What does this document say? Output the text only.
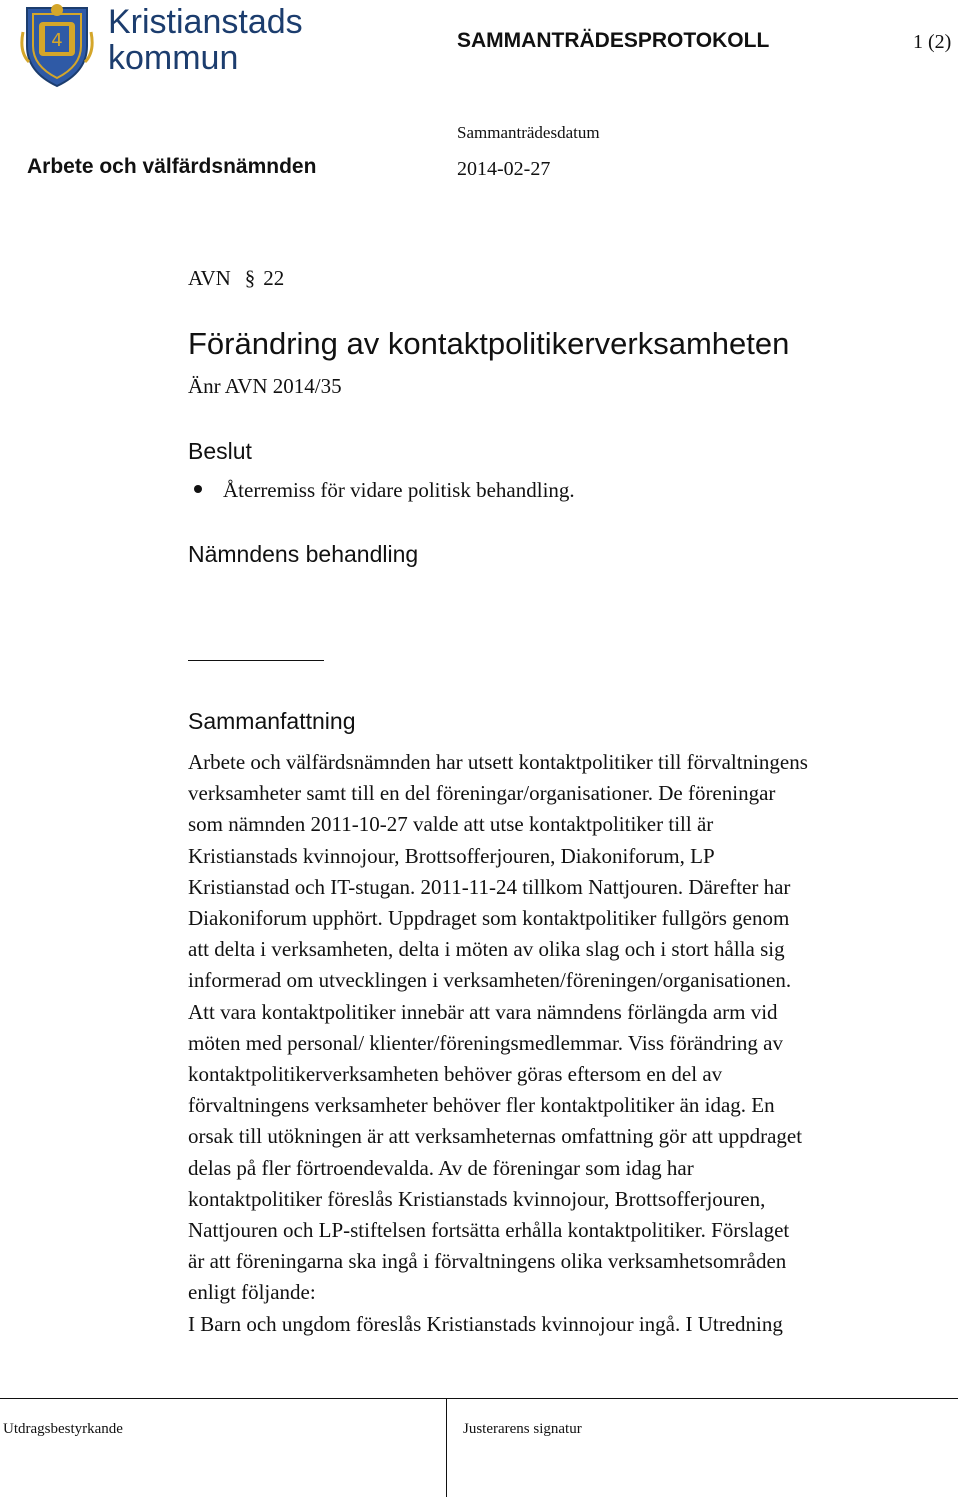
4 Kristianstads
kommun	SAMMANTRÄDESPROTOKOLL	1 (2)
Sammanträdesdatum
Arbete och välfärdsnämnden	2014-02-27
AVN § 22
Förändring av kontaktpolitikerverksamheten
Änr AVN 2014/35
Beslut
Återremiss för vidare politisk behandling.
Nämndens behandling
Sammanfattning
Arbete och välfärdsnämnden har utsett kontaktpolitiker till förvaltningens
verksamheter samt till en del föreningar/organisationer. De föreningar
som nämnden 2011-10-27 valde att utse kontaktpolitiker till är
Kristianstads kvinnojour, Brottsofferjouren, Diakoniforum, LP
Kristianstad och IT-stugan. 2011-11-24 tillkom Nattjouren. Därefter har
Diakoniforum upphört. Uppdraget som kontaktpolitiker fullgörs genom
att delta i verksamheten, delta i möten av olika slag och i stort hålla sig
informerad om utvecklingen i verksamheten/föreningen/organisationen.
Att vara kontaktpolitiker innebär att vara nämndens förlängda arm vid
möten med personal/ klienter/föreningsmedlemmar. Viss förändring av
kontaktpolitikerverksamheten behöver göras eftersom en del av
förvaltningens verksamheter behöver fler kontaktpolitiker än idag. En
orsak till utökningen är att verksamheternas omfattning gör att uppdraget
delas på fler förtroendevalda. Av de föreningar som idag har
kontaktpolitiker föreslås Kristianstads kvinnojour, Brottsofferjouren,
Nattjouren och LP-stiftelsen fortsätta erhålla kontaktpolitiker. Förslaget
är att föreningarna ska ingå i förvaltningens olika verksamhetsområden
enligt följande:
I Barn och ungdom föreslås Kristianstads kvinnojour ingå. I Utredning
Utdragsbestyrkande	Justerarens signatur
